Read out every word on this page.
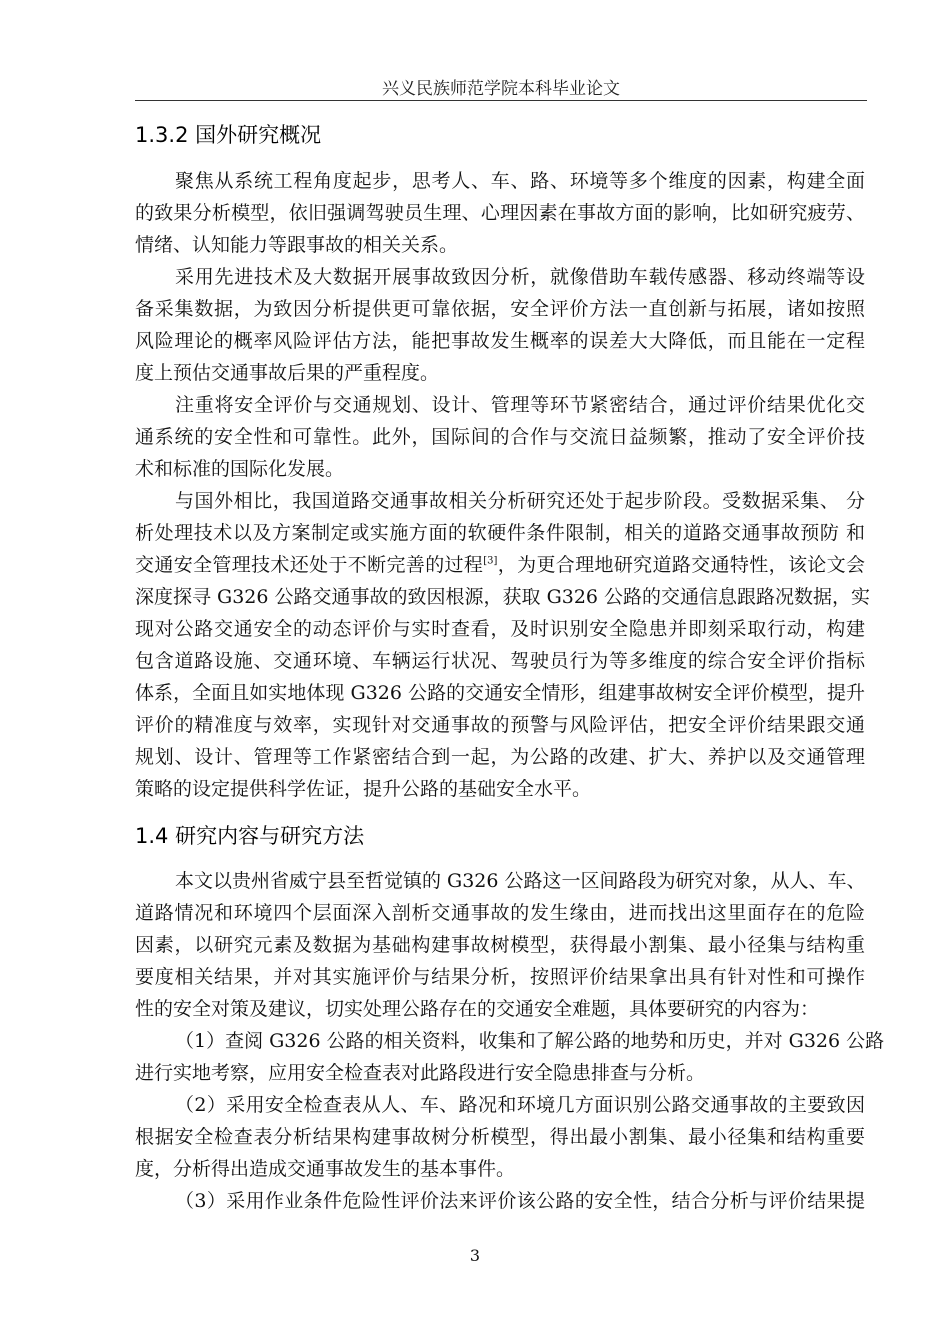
兴义民族师范学院本科毕业论文
1.3.2 国外研究概况
聚焦从系统工程角度起步，思考人、车、路、环境等多个维度的因素，构建全面
的致果分析模型，依旧强调驾驶员生理、心理因素在事故方面的影响，比如研究疲劳、
情绪、认知能力等跟事故的相关关系。
采用先进技术及大数据开展事故致因分析，就像借助车载传感器、移动终端等设
备采集数据，为致因分析提供更可靠依据，安全评价方法一直创新与拓展，诸如按照
风险理论的概率风险评估方法，能把事故发生概率的误差大大降低，而且能在一定程
度上预估交通事故后果的严重程度。
注重将安全评价与交通规划、设计、管理等环节紧密结合，通过评价结果优化交
通系统的安全性和可靠性。此外，国际间的合作与交流日益频繁，推动了安全评价技
术和标准的国际化发展。
与国外相比，我国道路交通事故相关分析研究还处于起步阶段。受数据采集、 分
析处理技术以及方案制定或实施方面的软硬件条件限制，相关的道路交通事故预防 和
交通安全管理技术还处于不断完善的过程[3]，为更合理地研究道路交通特性，该论文会
深度探寻 G326 公路交通事故的致因根源，获取 G326 公路的交通信息跟路况数据，实
现对公路交通安全的动态评价与实时查看，及时识别安全隐患并即刻采取行动，构建
包含道路设施、交通环境、车辆运行状况、驾驶员行为等多维度的综合安全评价指标
体系，全面且如实地体现 G326 公路的交通安全情形，组建事故树安全评价模型，提升
评价的精准度与效率，实现针对交通事故的预警与风险评估，把安全评价结果跟交通
规划、设计、管理等工作紧密结合到一起，为公路的改建、扩大、养护以及交通管理
策略的设定提供科学佐证，提升公路的基础安全水平。
1.4 研究内容与研究方法
本文以贵州省威宁县至哲觉镇的 G326 公路这一区间路段为研究对象，从人、车、
道路情况和环境四个层面深入剖析交通事故的发生缘由，进而找出这里面存在的危险
因素，以研究元素及数据为基础构建事故树模型，获得最小割集、最小径集与结构重
要度相关结果，并对其实施评价与结果分析，按照评价结果拿出具有针对性和可操作
性的安全对策及建议，切实处理公路存在的交通安全难题，具体要研究的内容为：
（1）查阅 G326 公路的相关资料，收集和了解公路的地势和历史，并对 G326 公路
进行实地考察，应用安全检查表对此路段进行安全隐患排查与分析。
（2）采用安全检查表从人、车、路况和环境几方面识别公路交通事故的主要致因
根据安全检查表分析结果构建事故树分析模型，得出最小割集、最小径集和结构重要
度，分析得出造成交通事故发生的基本事件。
（3）采用作业条件危险性评价法来评价该公路的安全性，结合分析与评价结果提
3
